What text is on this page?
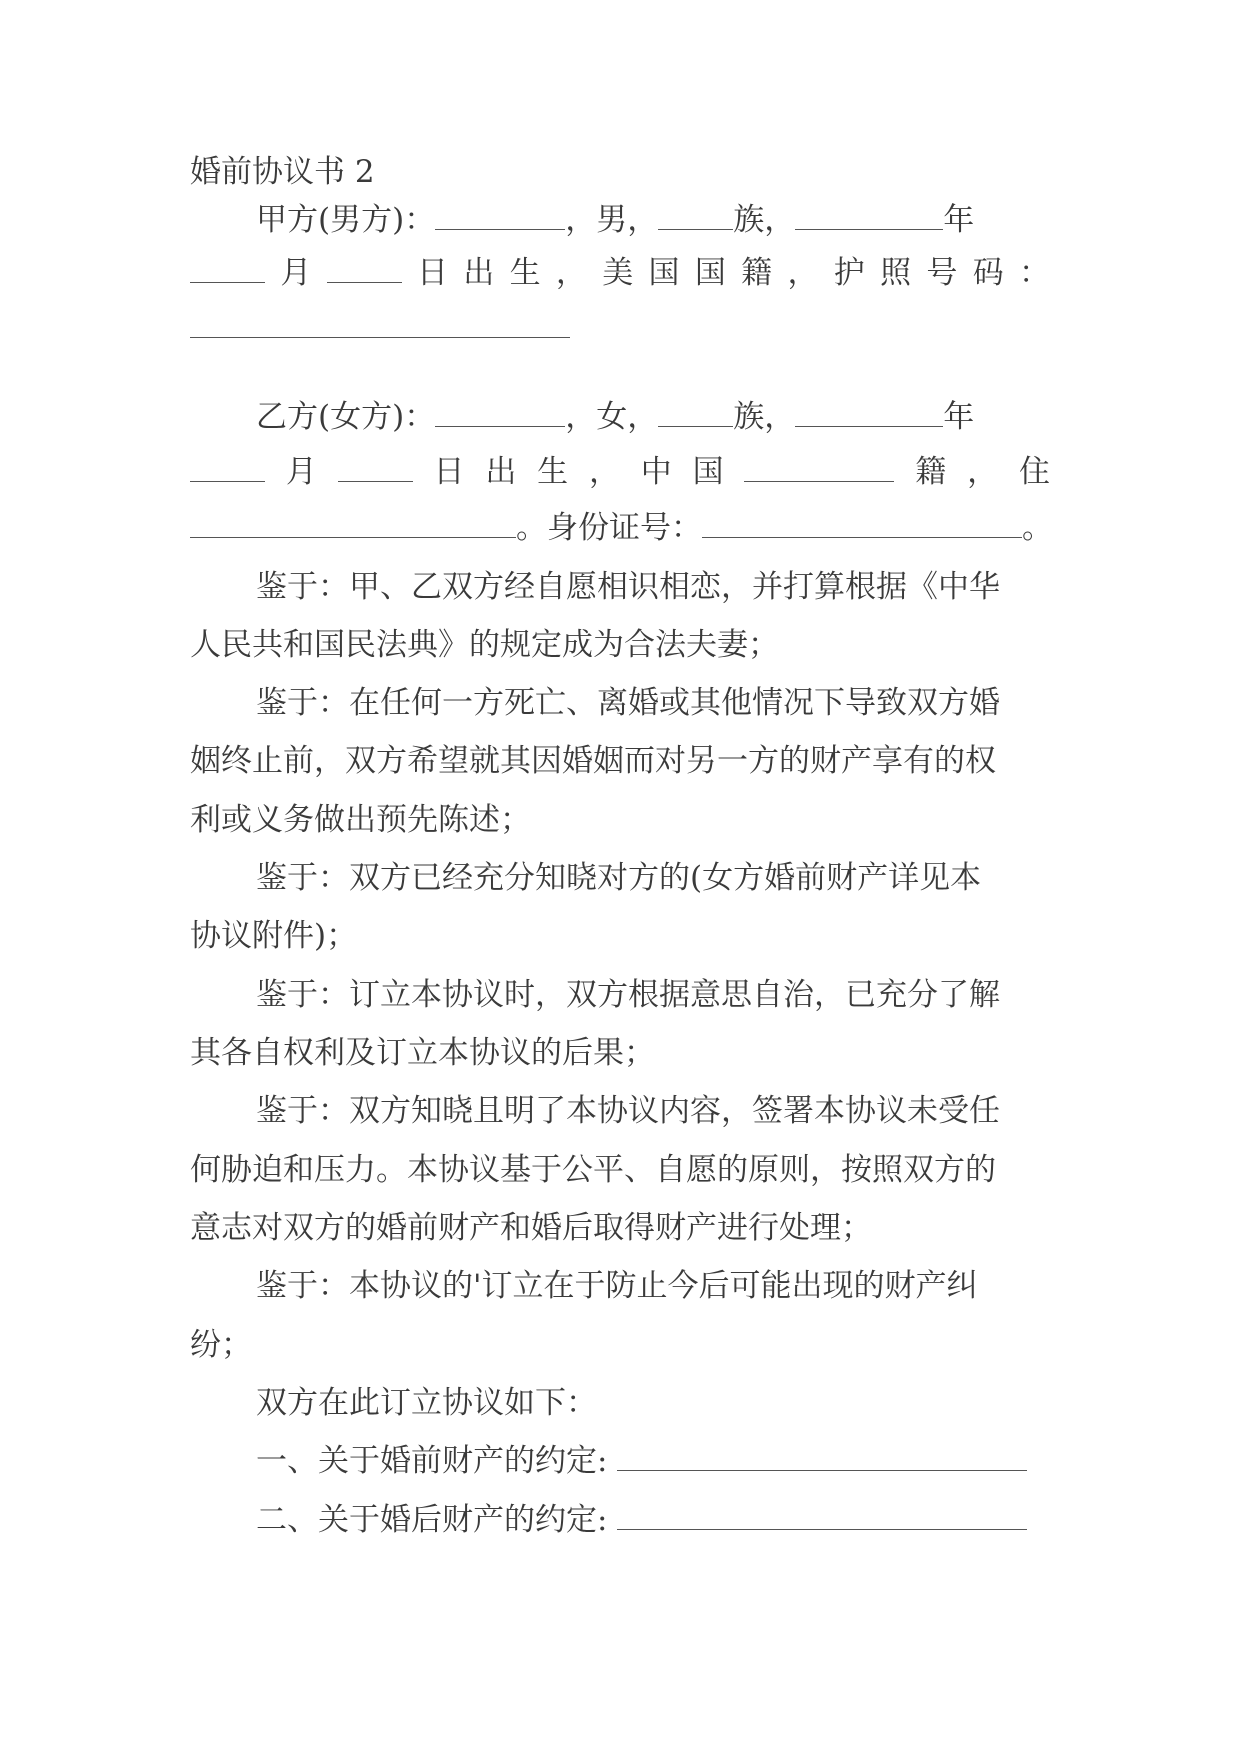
婚前协议书 2
甲方(男方)：	，男， 族，	年
月	日 出 生 ， 美 国 国 籍 ， 护 照 号 码 ：
乙方(女方)：	，女， 族，	年
月	日 出 生 ， 中 国	籍 ， 住
。身份证号：	。
鉴于：甲、乙双方经自愿相识相恋，并打算根据《中华
人民共和国民法典》的规定成为合法夫妻；
鉴于：在任何一方死亡、离婚或其他情况下导致双方婚
姻终止前，双方希望就其因婚姻而对另一方的财产享有的权
利或义务做出预先陈述；
鉴于：双方已经充分知晓对方的(女方婚前财产详见本
协议附件)；
鉴于：订立本协议时，双方根据意思自治，已充分了解
其各自权利及订立本协议的后果；
鉴于：双方知晓且明了本协议内容，签署本协议未受任
何胁迫和压力。本协议基于公平、自愿的原则，按照双方的
意志对双方的婚前财产和婚后取得财产进行处理；
鉴于：本协议的'订立在于防止今后可能出现的财产纠
纷；
双方在此订立协议如下：
一、关于婚前财产的约定:
二、关于婚后财产的约定:
